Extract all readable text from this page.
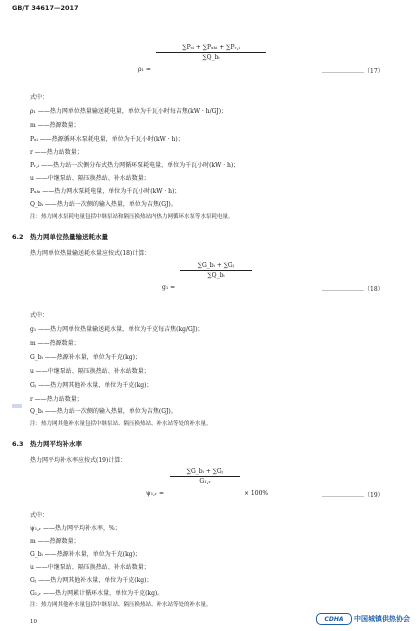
GB/T 34617—2017
ρ₁ =
∑Pₛᵢ + ∑Pₓₕᵢ + ∑Pᵣ,ᵢ
∑Q_bᵢ
…………………（17）
式中：
ρ₁ ——热力网单位热量输送耗电量，单位为千瓦小时每吉焦(kW · h/GJ)；
m ——热源数量；
Pₓᵢ ——热源循环水泵耗电量，单位为千瓦小时(kW · h)；
r ——热力站数量；
Pᵣ,ᵢ ——热力站一次侧分布式热力网循环泵耗电量，单位为千瓦小时(kW · h)；
u ——中继泵站、隔压换热站、补水站数量；
Pₓₕᵢ ——热力网水泵耗电量，单位为千瓦小时(kW · h)；
Q_bᵢ ——热力站一次侧的输入热量，单位为吉焦(GJ)。
注：热力网水泵耗电量包括中继泵站和隔压换热站内热力网循环水泵等水泵耗电量。
6.2　热力网单位热量输送耗水量
热力网单位热量输送耗水量应按式(18)计算：
g₁ =
$\frac{\text{∑G\_bᵢ + ∑Gⱼ}}{\text{∑Q\_bᵢ}}$
…………………（18）
式中：
g₁ ——热力网单位热量输送耗水量，单位为千克每吉焦(kg/GJ)；
m ——热源数量；
G_bᵢ ——热源补水量，单位为千克(kg)；
u ——中继泵站、隔压换热站、补水站数量；
Gⱼ ——热力网其他补水量，单位为千克(kg)；
r ——热力站数量；
Q_bᵢ ——热力站一次侧的输入热量，单位为吉焦(GJ)。
注：热力网其他补水量包括中继泵站、隔压换热站、补水站等处的补水量。
6.3　热力网平均补水率
热力网平均补水率应按式(19)计算：
ψ₁,ᵣ =
$\frac{\text{∑G\_bᵢ + ∑Gⱼ}}{\text{G₁,ᵣ}}$
× 100%	…………………（19）
式中：
ψ₁,ᵣ ——热力网平均补水率，%；
m ——热源数量；
G_bᵢ ——热源补水量，单位为千克(kg)；
u ——中继泵站、隔压换热站、补水站数量；
Gⱼ ——热力网其他补水量，单位为千克(kg)；
G₁,ᵣ ——热力网累计循环水量，单位为千克(kg)。
注：热力网其他补水量包括中继泵站、隔压换热站、补水站等处的补水量。
10	CDHA	中国城镇供热协会
